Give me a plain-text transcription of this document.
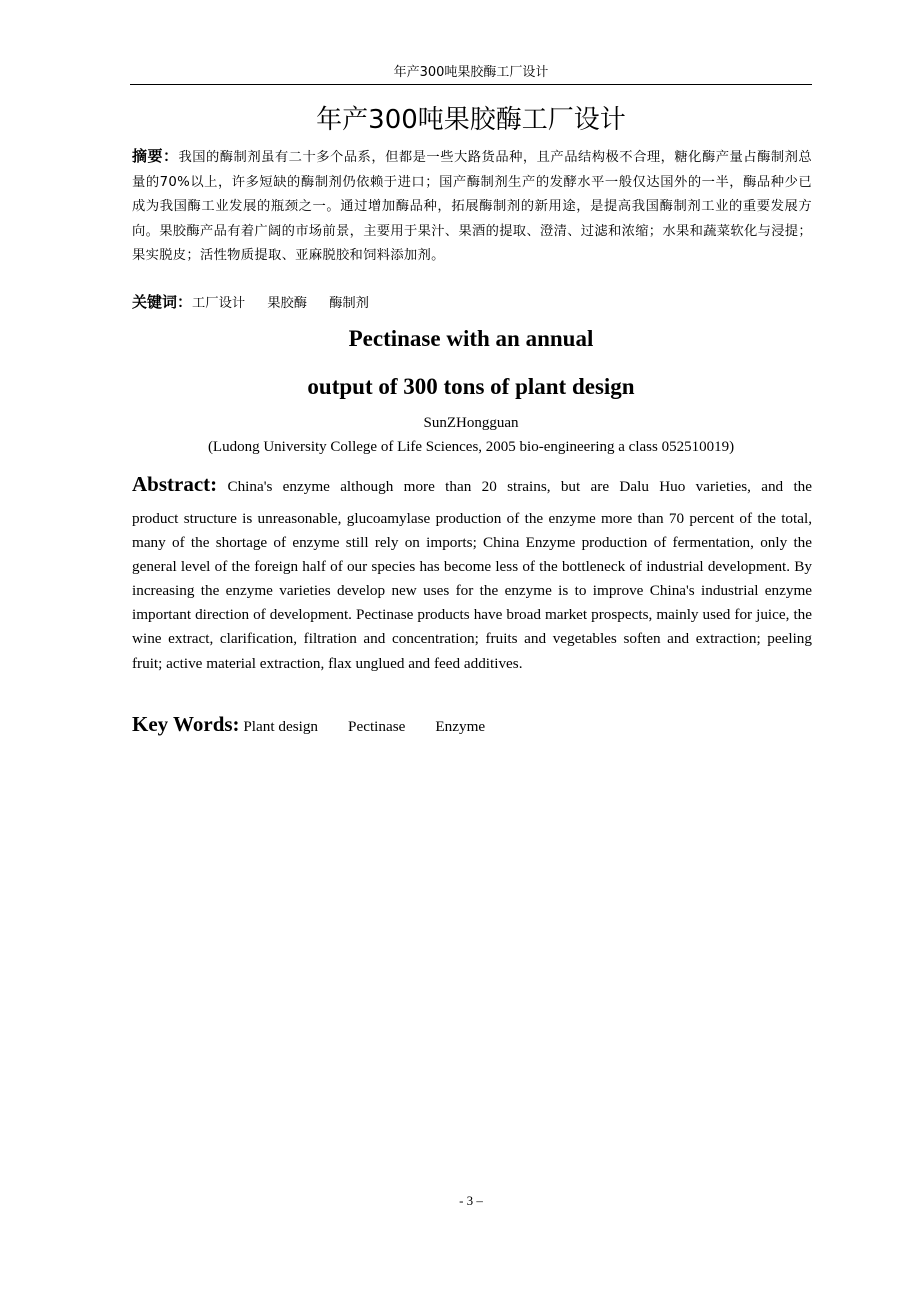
年产300吨果胶酶工厂设计
年产300吨果胶酶工厂设计
摘要：我国的酶制剂虽有二十多个品系，但都是一些大路货品种，且产品结构极不合理，糖化酶产量占酶制剂总量的70%以上，许多短缺的酶制剂仍依赖于进口；国产酶制剂生产的发酵水平一般仅达国外的一半，酶品种少已成为我国酶工业发展的瓶颈之一。通过增加酶品种，拓展酶制剂的新用途，是提高我国酶制剂工业的重要发展方向。果胶酶产品有着广阔的市场前景，主要用于果汁、果酒的提取、澄清、过滤和浓缩；水果和蔬菜软化与浸提；果实脱皮；活性物质提取、亚麻脱胶和饲料添加剂。
关键词：工厂设计 果胶酶 酶制剂
Pectinase with an annual
output of 300 tons of plant design
SunZHongguan
(Ludong University College of Life Sciences, 2005 bio-engineering a class 052510019)
Abstract: China's enzyme although more than 20 strains, but are Dalu Huo varieties, and the
product structure is unreasonable, glucoamylase production of the enzyme more than 70 percent of the total, many of the shortage of enzyme still rely on imports; China Enzyme production of fermentation, only the general level of the foreign half of our species has become less of the bottleneck of industrial development. By increasing the enzyme varieties develop new uses for the enzyme is to improve China's industrial enzyme important direction of development. Pectinase products have broad market prospects, mainly used for juice, the wine extract, clarification, filtration and concentration; fruits and vegetables soften and extraction; peeling fruit; active material extraction, flax unglued and feed additives.
Key Words: Plant design Pectinase Enzyme
- 3 –
